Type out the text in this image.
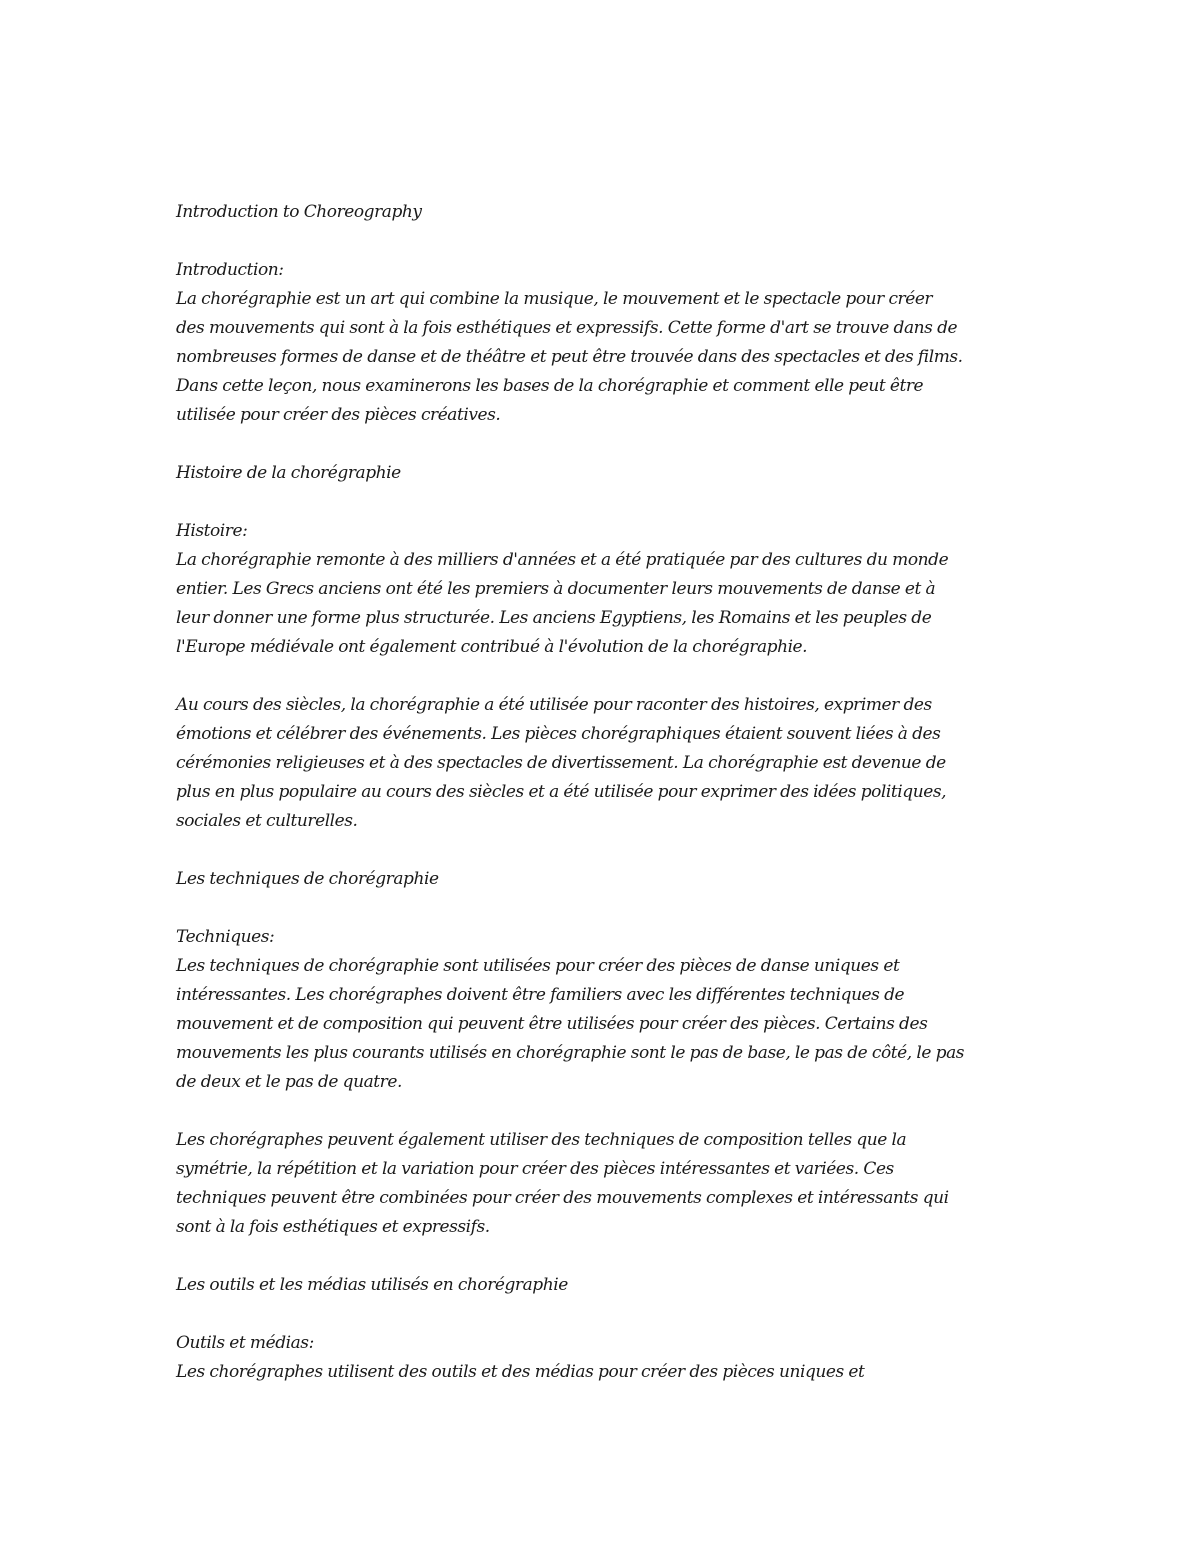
Introduction to Choreography
Introduction:
La chorégraphie est un art qui combine la musique, le mouvement et le spectacle pour créer
des mouvements qui sont à la fois esthétiques et expressifs. Cette forme d'art se trouve dans de
nombreuses formes de danse et de théâtre et peut être trouvée dans des spectacles et des films.
Dans cette leçon, nous examinerons les bases de la chorégraphie et comment elle peut être
utilisée pour créer des pièces créatives.
Histoire de la chorégraphie
Histoire:
La chorégraphie remonte à des milliers d'années et a été pratiquée par des cultures du monde
entier. Les Grecs anciens ont été les premiers à documenter leurs mouvements de danse et à
leur donner une forme plus structurée. Les anciens Egyptiens, les Romains et les peuples de
l'Europe médiévale ont également contribué à l'évolution de la chorégraphie.
Au cours des siècles, la chorégraphie a été utilisée pour raconter des histoires, exprimer des
émotions et célébrer des événements. Les pièces chorégraphiques étaient souvent liées à des
cérémonies religieuses et à des spectacles de divertissement. La chorégraphie est devenue de
plus en plus populaire au cours des siècles et a été utilisée pour exprimer des idées politiques,
sociales et culturelles.
Les techniques de chorégraphie
Techniques:
Les techniques de chorégraphie sont utilisées pour créer des pièces de danse uniques et
intéressantes. Les chorégraphes doivent être familiers avec les différentes techniques de
mouvement et de composition qui peuvent être utilisées pour créer des pièces. Certains des
mouvements les plus courants utilisés en chorégraphie sont le pas de base, le pas de côté, le pas
de deux et le pas de quatre.
Les chorégraphes peuvent également utiliser des techniques de composition telles que la
symétrie, la répétition et la variation pour créer des pièces intéressantes et variées. Ces
techniques peuvent être combinées pour créer des mouvements complexes et intéressants qui
sont à la fois esthétiques et expressifs.
Les outils et les médias utilisés en chorégraphie
Outils et médias:
Les chorégraphes utilisent des outils et des médias pour créer des pièces uniques et
